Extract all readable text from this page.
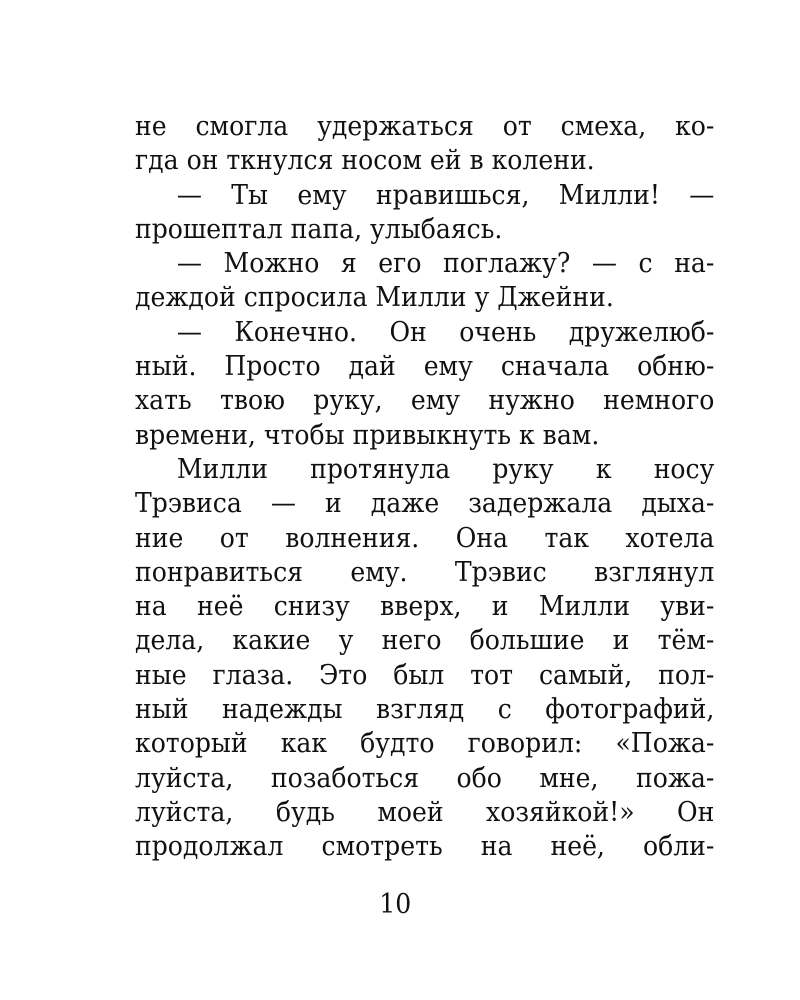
не смогла удержаться от смеха, ко-
гда он ткнулся носом ей в колени.
— Ты ему нравишься, Милли! —
прошептал папа, улыбаясь.
— Можно я его поглажу? — с на-
деждой спросила Милли у Джейни.
— Конечно. Он очень дружелюб-
ный. Просто дай ему сначала обню-
хать твою руку, ему нужно немного
времени, чтобы привыкнуть к вам.
Милли протянула руку к носу
Трэвиса — и даже задержала дыха-
ние от волнения. Она так хотела
понравиться ему. Трэвис взглянул
на неё снизу вверх, и Милли уви-
дела, какие у него большие и тём-
ные глаза. Это был тот самый, пол-
ный надежды взгляд с фотографий,
который как будто говорил: «Пожа-
луйста, позаботься обо мне, пожа-
луйста, будь моей хозяйкой!» Он
продолжал смотреть на неё, обли-
10
